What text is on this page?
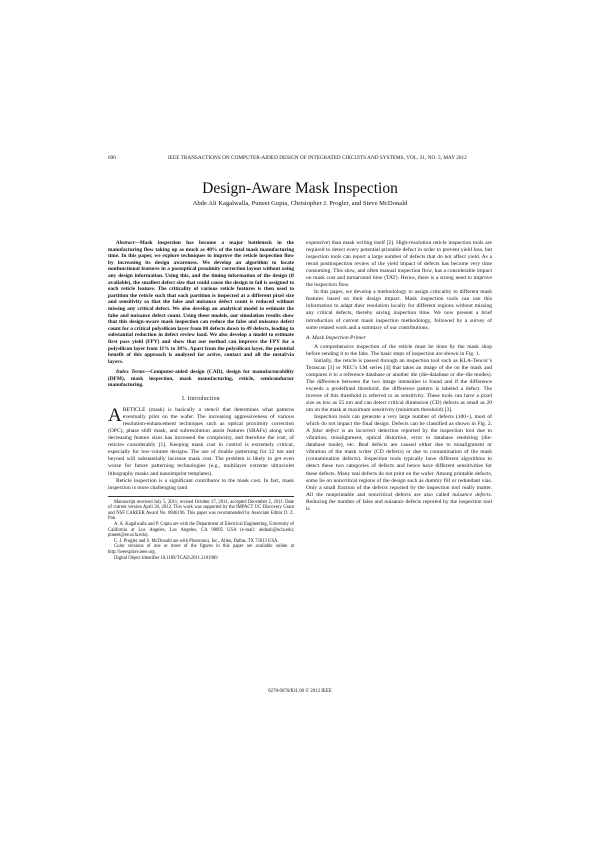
690	IEEE TRANSACTIONS ON COMPUTER-AIDED DESIGN OF INTEGRATED CIRCUITS AND SYSTEMS, VOL. 31, NO. 5, MAY 2012
Design-Aware Mask Inspection
Abde Ali Kagalwalla, Puneet Gupta, Christopher J. Progler, and Steve McDonald

Abstract—Mask inspection has become a major bottleneck in the manufacturing flow taking up as much as 40% of the total mask manufacturing time. In this paper, we explore techniques to improve the reticle inspection flow by increasing its design awareness. We develop an algorithm to locate nonfunctional features in a postoptical proximity correction layout without using any design information. Using this, and the timing information of the design (if available), the smallest defect size that could cause the design to fail is assigned to each reticle feature. The criticality of various reticle features is then used to partition the reticle such that each partition is inspected at a different pixel size and sensitivity so that the false and nuisance defect count is reduced without missing any critical defect. We also develop an analytical model to estimate the false and nuisance defect count. Using these models, our simulation results show that this design-aware mask inspection can reduce the false and nuisance defect count for a critical polysilicon layer from 80 defects down to 49 defects, leading to substantial reduction in defect review load. We also develop a model to estimate first pass yield (FPY) and show that our method can improve the FPY for a polysilicon layer from 11% to 30%. Apart from the polysilicon layer, the potential benefit of this approach is analyzed for active, contact and all the metal/via layers.

Index Terms—Computer-aided design (CAD), design for manufacturability (DFM), mask inspection, mask manufacturing, reticle, semiconductor manufacturing.

I. Introduction

ARETICLE (mask) is basically a stencil that determines what patterns eventually print on the wafer. The increasing aggressiveness of various resolution-enhancement techniques such as optical proximity correction (OPC), phase shift mask, and subresolution assist features (SRAFs) along with decreasing feature sizes has increased the complexity, and therefore the cost, of reticles considerably [1]. Keeping mask cost in control is extremely critical, especially for low-volume designs. The use of double patterning for 22 nm and beyond will substantially increase mask cost. The problem is likely to get even worse for future patterning technologies (e.g., multilayer extreme ultraviolet lithography masks and nanoimprint templates).

Reticle inspection is a significant contributor to the mask cost. In fact, mask inspection is more challenging (and

Manuscript received July 5, 2011; revised October 27, 2011; accepted December 2, 2011. Date of current version April 20, 2012. This work was supported by the IMPACT UC Discovery Grant and NSF CAREER Award No. 0846196. This paper was recommended by Associate Editor D. Z. Pan.

A. A. Kagalwalla and P. Gupta are with the Department of Electrical Engineering, University of California at Los Angeles, Los Angeles, CA 90095 USA (e-mail: abdeali@ucla.edu; puneet@ee.ucla.edu).

C. J. Progler and S. McDonald are with Photronics, Inc., Allen, Dallas, TX 75013 USA.

Color versions of one or more of the figures in this paper are available online at http://ieeexplore.ieee.org.

Digital Object Identifier 10.1109/TCAD.2011.2181909

expensive) than mask writing itself [2]. High-resolution reticle inspection tools are required to detect every potential printable defect in order to prevent yield loss, but inspection tools can report a large number of defects that do not affect yield. As a result postinspection review of the yield impact of defects has become very time consuming. This slow, and often manual inspection flow, has a considerable impact on mask cost and turnaround time (TAT). Hence, there is a strong need to improve the inspection flow.

In this paper, we develop a methodology to assign criticality to different mask features based on their design impact. Mask inspection tools can use this information to adapt their resolution locally for different regions without missing any critical defects, thereby saving inspection time. We now present a brief introduction of current mask inspection methodology, followed by a survey of some related work and a summary of our contributions.

A. Mask Inspection Primer

A comprehensive inspection of the reticle must be done by the mask shop before sending it to the fabs. The basic steps of inspection are shown in Fig. 1.

Initially, the reticle is passed through an inspection tool such as KLA-Tencor’s Terascan [3] or NEC’s LM series [4] that takes an image of die on the mask and compares it to a reference database or another die (die-database or die–die modes). The difference between the two image intensities is found and if the difference exceeds a predefined threshold, the difference pattern is labeled a defect. The inverse of this threshold is referred to as sensitivity. These tools can have a pixel size as low as 55 nm and can detect critical dimension (CD) defects as small as 20 nm on the mask at maximum sensitivity (minimum threshold) [3].

Inspection tools can generate a very large number of defects (100+), most of which do not impact the final design. Defects can be classified as shown in Fig. 2. A false defect is an incorrect detection reported by the inspection tool due to vibration, misalignment, optical distortion, error in database rendering (die-database mode), etc. Real defects are caused either due to misalignment or vibration of the mask writer (CD defects) or due to contamination of the mask (contamination defects). Inspection tools typically have different algorithms to detect these two categories of defects and hence have different sensitivities for these defects. Many real defects do not print on the wafer. Among printable defects, some lie on noncritical regions of the design such as dummy fill or redundant vias. Only a small fraction of the defects reported by the inspection tool really matter. All the nonprintable and noncritical defects are also called nuisance defects. Reducing the number of false and nuisance defects reported by the inspection tool is

0278-0070/$31.00 © 2012 IEEE
